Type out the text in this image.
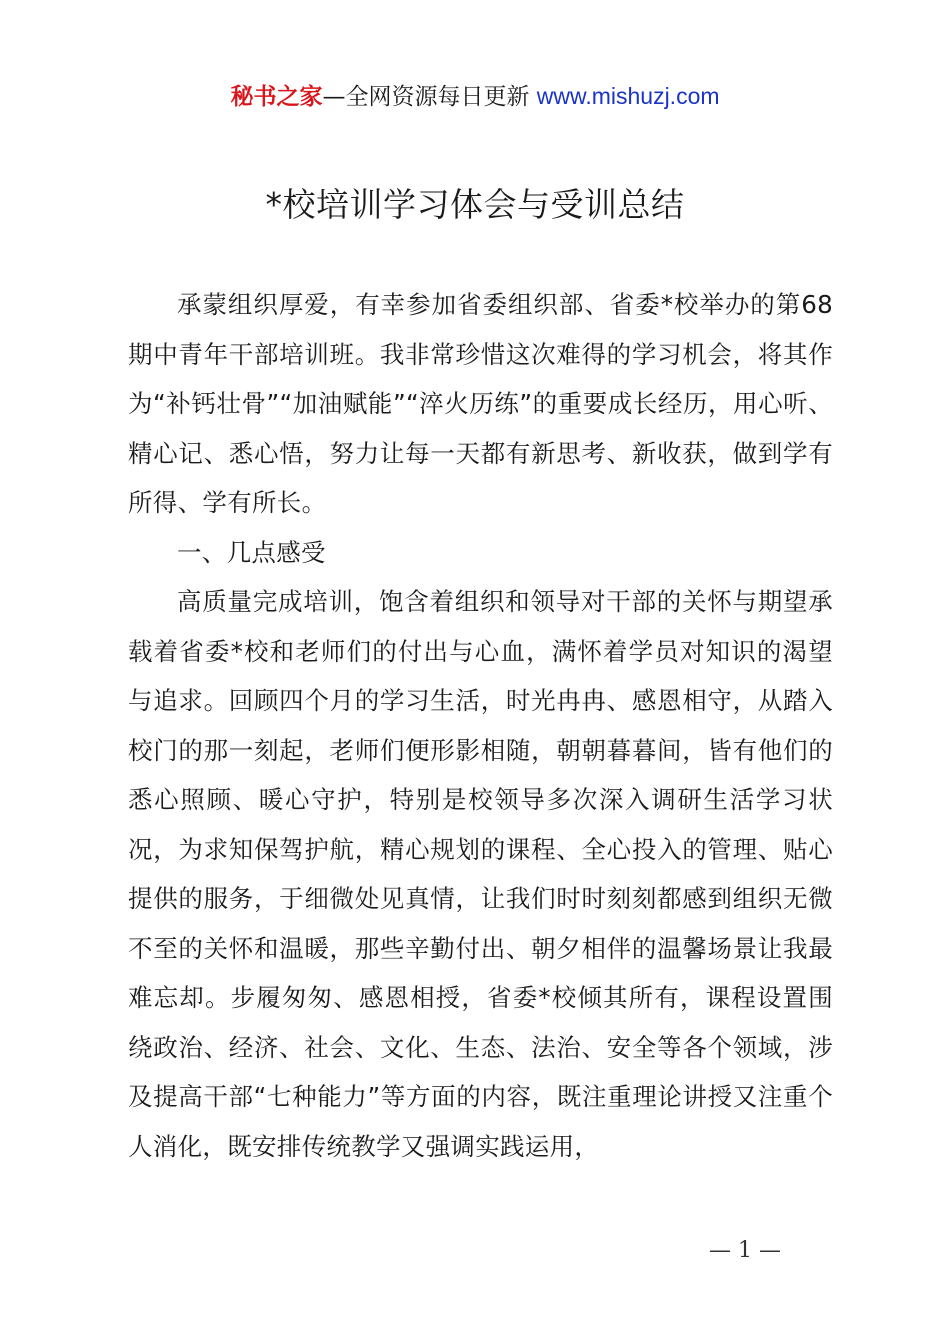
秘书之家—全网资源每日更新 www.mishuzj.com
*校培训学习体会与受训总结

承蒙组织厚爱，有幸参加省委组织部、省委*校举办的第68期中青年干部培训班。我非常珍惜这次难得的学习机会，将其作为“补钙壮骨”“加油赋能”“淬火历练”的重要成长经历，用心听、精心记、悉心悟，努力让每一天都有新思考、新收获，做到学有所得、学有所长。

一、几点感受

高质量完成培训，饱含着组织和领导对干部的关怀与期望承载着省委*校和老师们的付出与心血，满怀着学员对知识的渴望与追求。回顾四个月的学习生活，时光冉冉、感恩相守，从踏入校门的那一刻起，老师们便形影相随，朝朝暮暮间，皆有他们的悉心照顾、暖心守护，特别是校领导多次深入调研生活学习状况，为求知保驾护航，精心规划的课程、全心投入的管理、贴心提供的服务，于细微处见真情，让我们时时刻刻都感到组织无微不至的关怀和温暖，那些辛勤付出、朝夕相伴的温馨场景让我最难忘却。步履匆匆、感恩相授，省委*校倾其所有，课程设置围绕政治、经济、社会、文化、生态、法治、安全等各个领域，涉及提高干部“七种能力”等方面的内容，既注重理论讲授又注重个人消化，既安排传统教学又强调实践运用，

— 1 —
